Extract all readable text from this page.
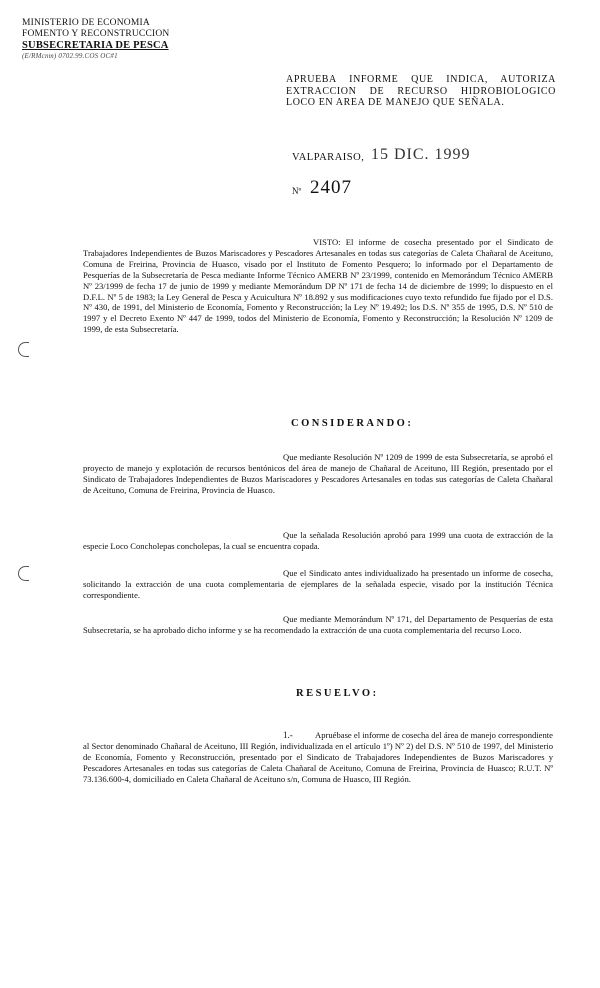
MINISTERIO DE ECONOMIA
FOMENTO Y RECONSTRUCCION
SUBSECRETARIA DE PESCA
(E/RMcnm) 0702.99.COS OC#1
APRUEBA INFORME QUE INDICA, AUTORIZA EXTRACCION DE RECURSO HIDROBIOLOGICO LOCO EN AREA DE MANEJO QUE SEÑALA.
VALPARAISO, 15 DIC. 1999
Nº 2407
VISTO: El informe de cosecha presentado por el Sindicato de Trabajadores Independientes de Buzos Mariscadores y Pescadores Artesanales en todas sus categorías de Caleta Chañaral de Aceituno, Comuna de Freirina, Provincia de Huasco, visado por el Instituto de Fomento Pesquero; lo informado por el Departamento de Pesquerías de la Subsecretaría de Pesca mediante Informe Técnico AMERB Nº 23/1999, contenido en Memorándum Técnico AMERB Nº 23/1999 de fecha 17 de junio de 1999 y mediante Memorándum DP Nº 171 de fecha 14 de diciembre de 1999; lo dispuesto en el D.F.L. Nº 5 de 1983; la Ley General de Pesca y Acuicultura Nº 18.892 y sus modificaciones cuyo texto refundido fue fijado por el D.S. Nº 430, de 1991, del Ministerio de Economía, Fomento y Reconstrucción; la Ley Nº 19.492; los D.S. Nº 355 de 1995, D.S. Nº 510 de 1997 y el Decreto Exento Nº 447 de 1999, todos del Ministerio de Economía, Fomento y Reconstrucción; la Resolución Nº 1209 de 1999, de esta Subsecretaría.
CONSIDERANDO:
Que mediante Resolución Nº 1209 de 1999 de esta Subsecretaría, se aprobó el proyecto de manejo y explotación de recursos bentónicos del área de manejo de Chañaral de Aceituno, III Región, presentado por el Sindicato de Trabajadores Independientes de Buzos Mariscadores y Pescadores Artesanales en todas sus categorías de Caleta Chañaral de Aceituno, Comuna de Freirina, Provincia de Huasco.
Que la señalada Resolución aprobó para 1999 una cuota de extracción de la especie Loco Concholepas concholepas, la cual se encuentra copada.
Que el Sindicato antes individualizado ha presentado un informe de cosecha, solicitando la extracción de una cuota complementaria de ejemplares de la señalada especie, visado por la institución Técnica correspondiente.
Que mediante Memorándum Nº 171, del Departamento de Pesquerías de esta Subsecretaría, se ha aprobado dicho informe y se ha recomendado la extracción de una cuota complementaria del recurso Loco.
RESUELVO:
1.-	Apruébase el informe de cosecha del área de manejo correspondiente al Sector denominado Chañaral de Aceituno, III Región, individualizada en el artículo 1º) Nº 2) del D.S. Nº 510 de 1997, del Ministerio de Economía, Fomento y Reconstrucción, presentado por el Sindicato de Trabajadores Independientes de Buzos Mariscadores y Pescadores Artesanales en todas sus categorías de Caleta Chañaral de Aceituno, Comuna de Freirina, Provincia de Huasco; R.U.T. Nº 73.136.600-4, domiciliado en Caleta Chañaral de Aceituno s/n, Comuna de Huasco, III Región.
